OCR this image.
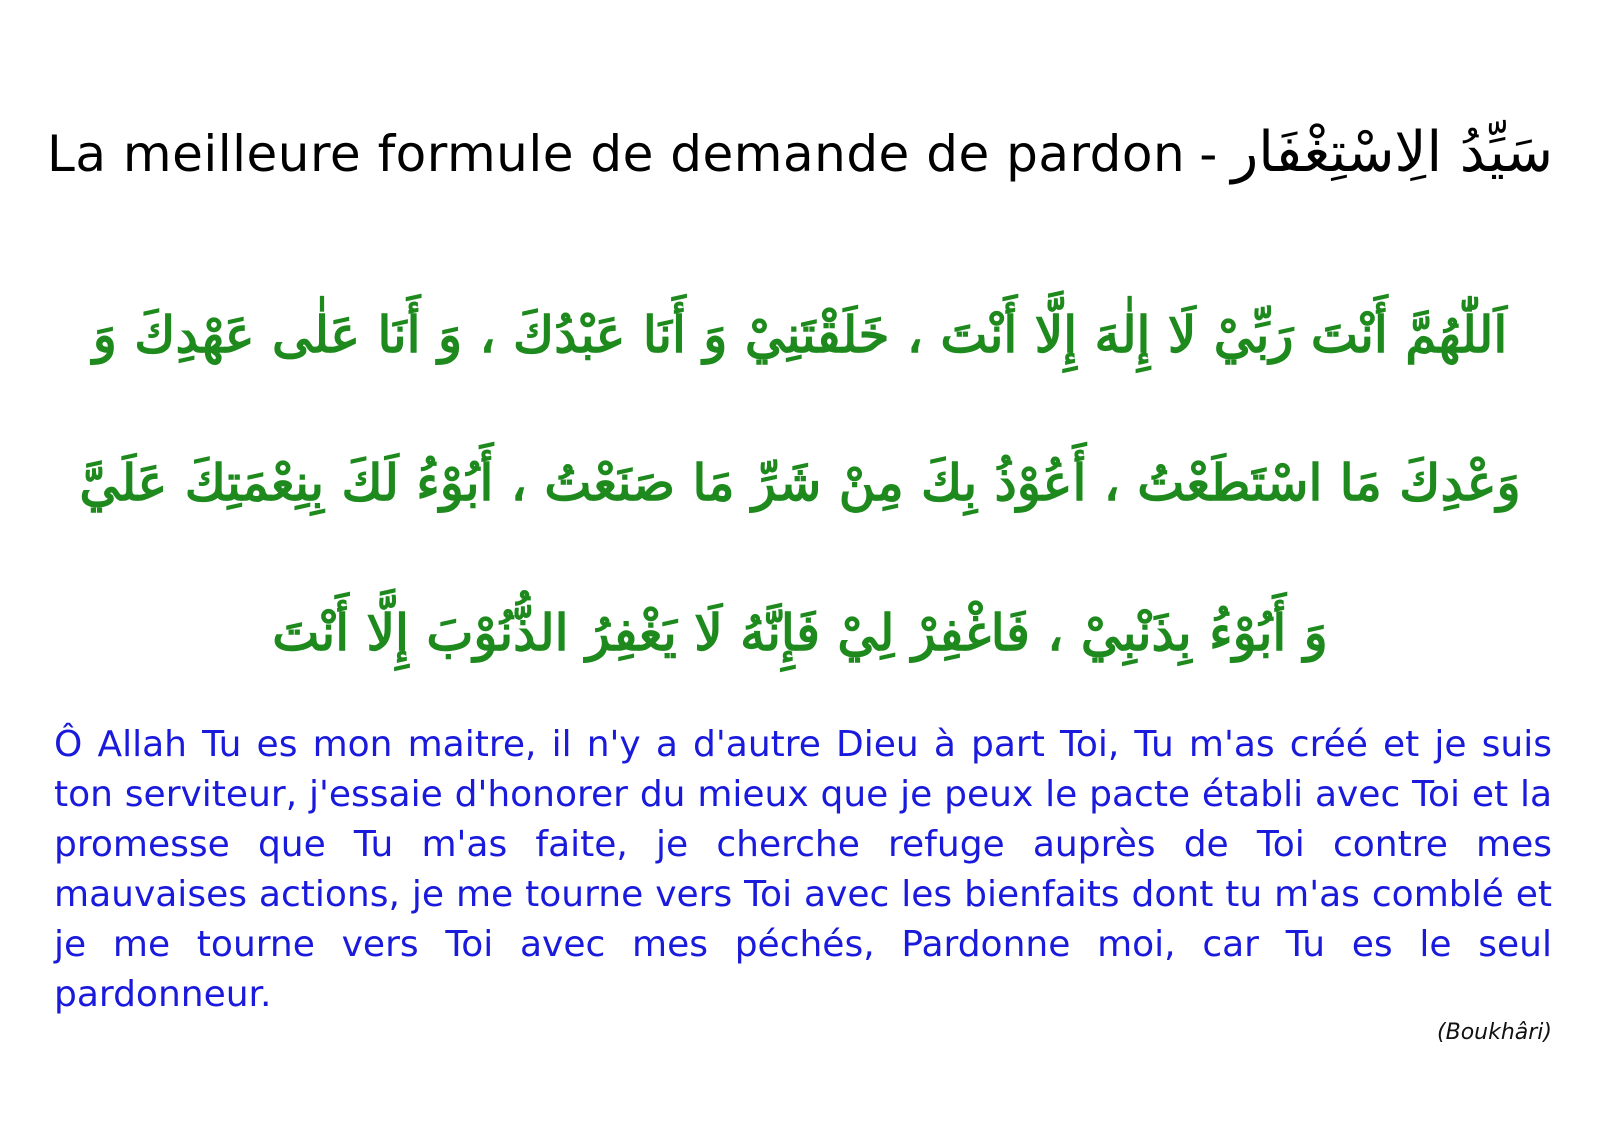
La meilleure formule de demande de pardon - سَيِّدُ الِاسْتِغْفَار
اَللّٰهُمَّ أَنْتَ رَبِّيْ لَا إِلٰهَ إِلَّا أَنْتَ ، خَلَقْتَنِيْ وَ أَنَا عَبْدُكَ ، وَ أَنَا عَلٰى عَهْدِكَ وَ
وَعْدِكَ مَا اسْتَطَعْتُ ، أَعُوْذُ بِكَ مِنْ شَرِّ مَا صَنَعْتُ ، أَبُوْءُ لَكَ بِنِعْمَتِكَ عَلَيَّ
وَ أَبُوْءُ بِذَنْبِيْ ، فَاغْفِرْ لِيْ فَإِنَّهُ لَا يَغْفِرُ الذُّنُوْبَ إِلَّا أَنْتَ

Ô Allah Tu es mon maitre, il n'y a d'autre Dieu à part Toi, Tu m'as créé et je suis ton serviteur, j'essaie d'honorer du mieux que je peux le pacte établi avec Toi et la promesse que Tu m'as faite, je cherche refuge auprès de Toi contre mes mauvaises actions, je me tourne vers Toi avec les bienfaits dont tu m'as comblé et je me tourne vers Toi avec mes péchés, Pardonne moi, car Tu es le seul pardonneur.

(Boukhâri)
